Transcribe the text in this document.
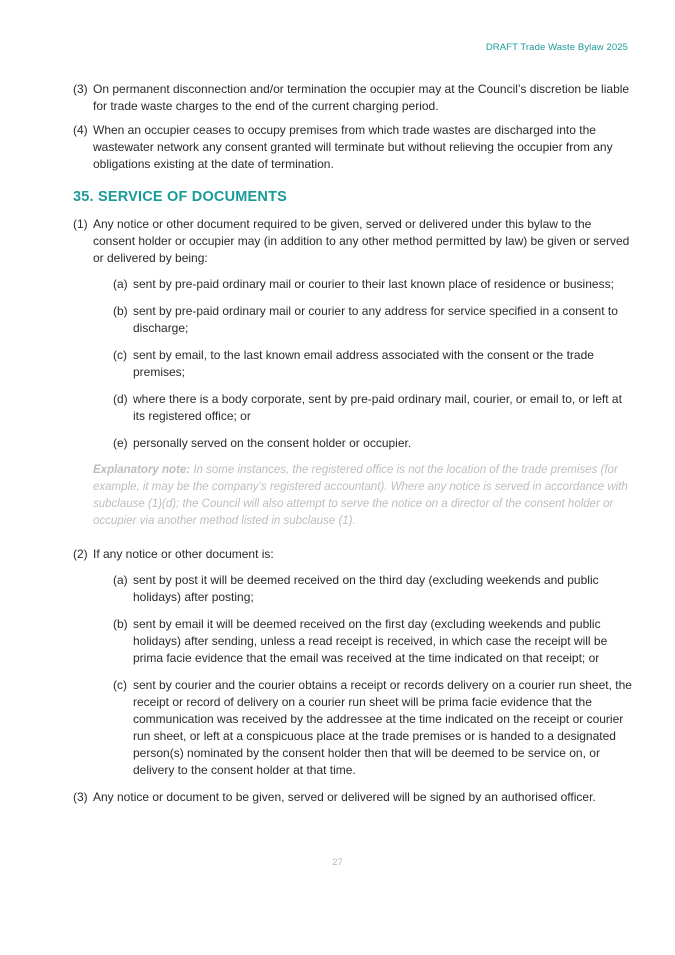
DRAFT Trade Waste Bylaw 2025
(3) On permanent disconnection and/or termination the occupier may at the Council’s discretion be liable for trade waste charges to the end of the current charging period.
(4) When an occupier ceases to occupy premises from which trade wastes are discharged into the wastewater network any consent granted will terminate but without relieving the occupier from any obligations existing at the date of termination.
35. SERVICE OF DOCUMENTS
(1) Any notice or other document required to be given, served or delivered under this bylaw to the consent holder or occupier may (in addition to any other method permitted by law) be given or served or delivered by being:
(a) sent by pre-paid ordinary mail or courier to their last known place of residence or business;
(b) sent by pre-paid ordinary mail or courier to any address for service specified in a consent to discharge;
(c) sent by email, to the last known email address associated with the consent or the trade premises;
(d) where there is a body corporate, sent by pre-paid ordinary mail, courier, or email to, or left at its registered office; or
(e) personally served on the consent holder or occupier.
Explanatory note: In some instances, the registered office is not the location of the trade premises (for example, it may be the company’s registered accountant). Where any notice is served in accordance with subclause (1)(d); the Council will also attempt to serve the notice on a director of the consent holder or occupier via another method listed in subclause (1).
(2) If any notice or other document is:
(a) sent by post it will be deemed received on the third day (excluding weekends and public holidays) after posting;
(b) sent by email it will be deemed received on the first day (excluding weekends and public holidays) after sending, unless a read receipt is received, in which case the receipt will be prima facie evidence that the email was received at the time indicated on that receipt; or
(c) sent by courier and the courier obtains a receipt or records delivery on a courier run sheet, the receipt or record of delivery on a courier run sheet will be prima facie evidence that the communication was received by the addressee at the time indicated on the receipt or courier run sheet, or left at a conspicuous place at the trade premises or is handed to a designated person(s) nominated by the consent holder then that will be deemed to be service on, or delivery to the consent holder at that time.
(3) Any notice or document to be given, served or delivered will be signed by an authorised officer.
27
